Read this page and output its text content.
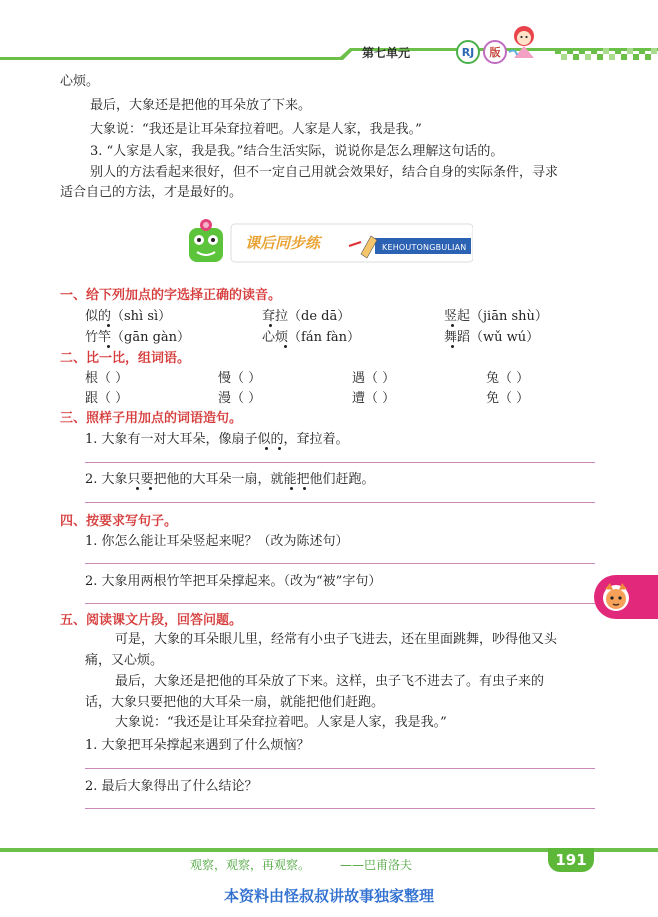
第七单元	RJ	版
心烦。
最后，大象还是把他的耳朵放了下来。
大象说：“我还是让耳朵耷拉着吧。人家是人家，我是我。”
3. “人家是人家，我是我。”结合生活实际，说说你是怎么理解这句话的。
别人的方法看起来很好，但不一定自己用就会效果好，结合自身的实际条件，寻求
适合自己的方法，才是最好的。
课后同步练	KEHOUTONGBULIAN
一、给下列加点的字选择正确的读音。
似的（shì sì）	耷拉（de dā）	竖起（jiān shù）
竹竿（gān gàn）	心烦（fán fàn）	舞蹈（wǔ wú）
二、比一比，组词语。
根（ ）	慢（ ）	遇（ ）	兔（ ）
跟（ ）	漫（ ）	遭（ ）	免（ ）
三、照样子用加点的词语造句。
1. 大象有一对大耳朵，像扇子似的，耷拉着。
2. 大象只要把他的大耳朵一扇，就能把他们赶跑。
四、按要求写句子。
1. 你怎么能让耳朵竖起来呢？（改为陈述句）
2. 大象用两根竹竿把耳朵撑起来。（改为“被”字句）
五、阅读课文片段，回答问题。
可是，大象的耳朵眼儿里，经常有小虫子飞进去，还在里面跳舞，吵得他又头
痛，又心烦。
最后，大象还是把他的耳朵放了下来。这样，虫子飞不进去了。有虫子来的
话，大象只要把他的大耳朵一扇，就能把他们赶跑。
大象说：“我还是让耳朵耷拉着吧。人家是人家，我是我。”
1. 大象把耳朵撑起来遇到了什么烦恼？
2. 最后大象得出了什么结论？
观察，观察，再观察。 ——巴甫洛夫	191
本资料由怪叔叔讲故事独家整理
